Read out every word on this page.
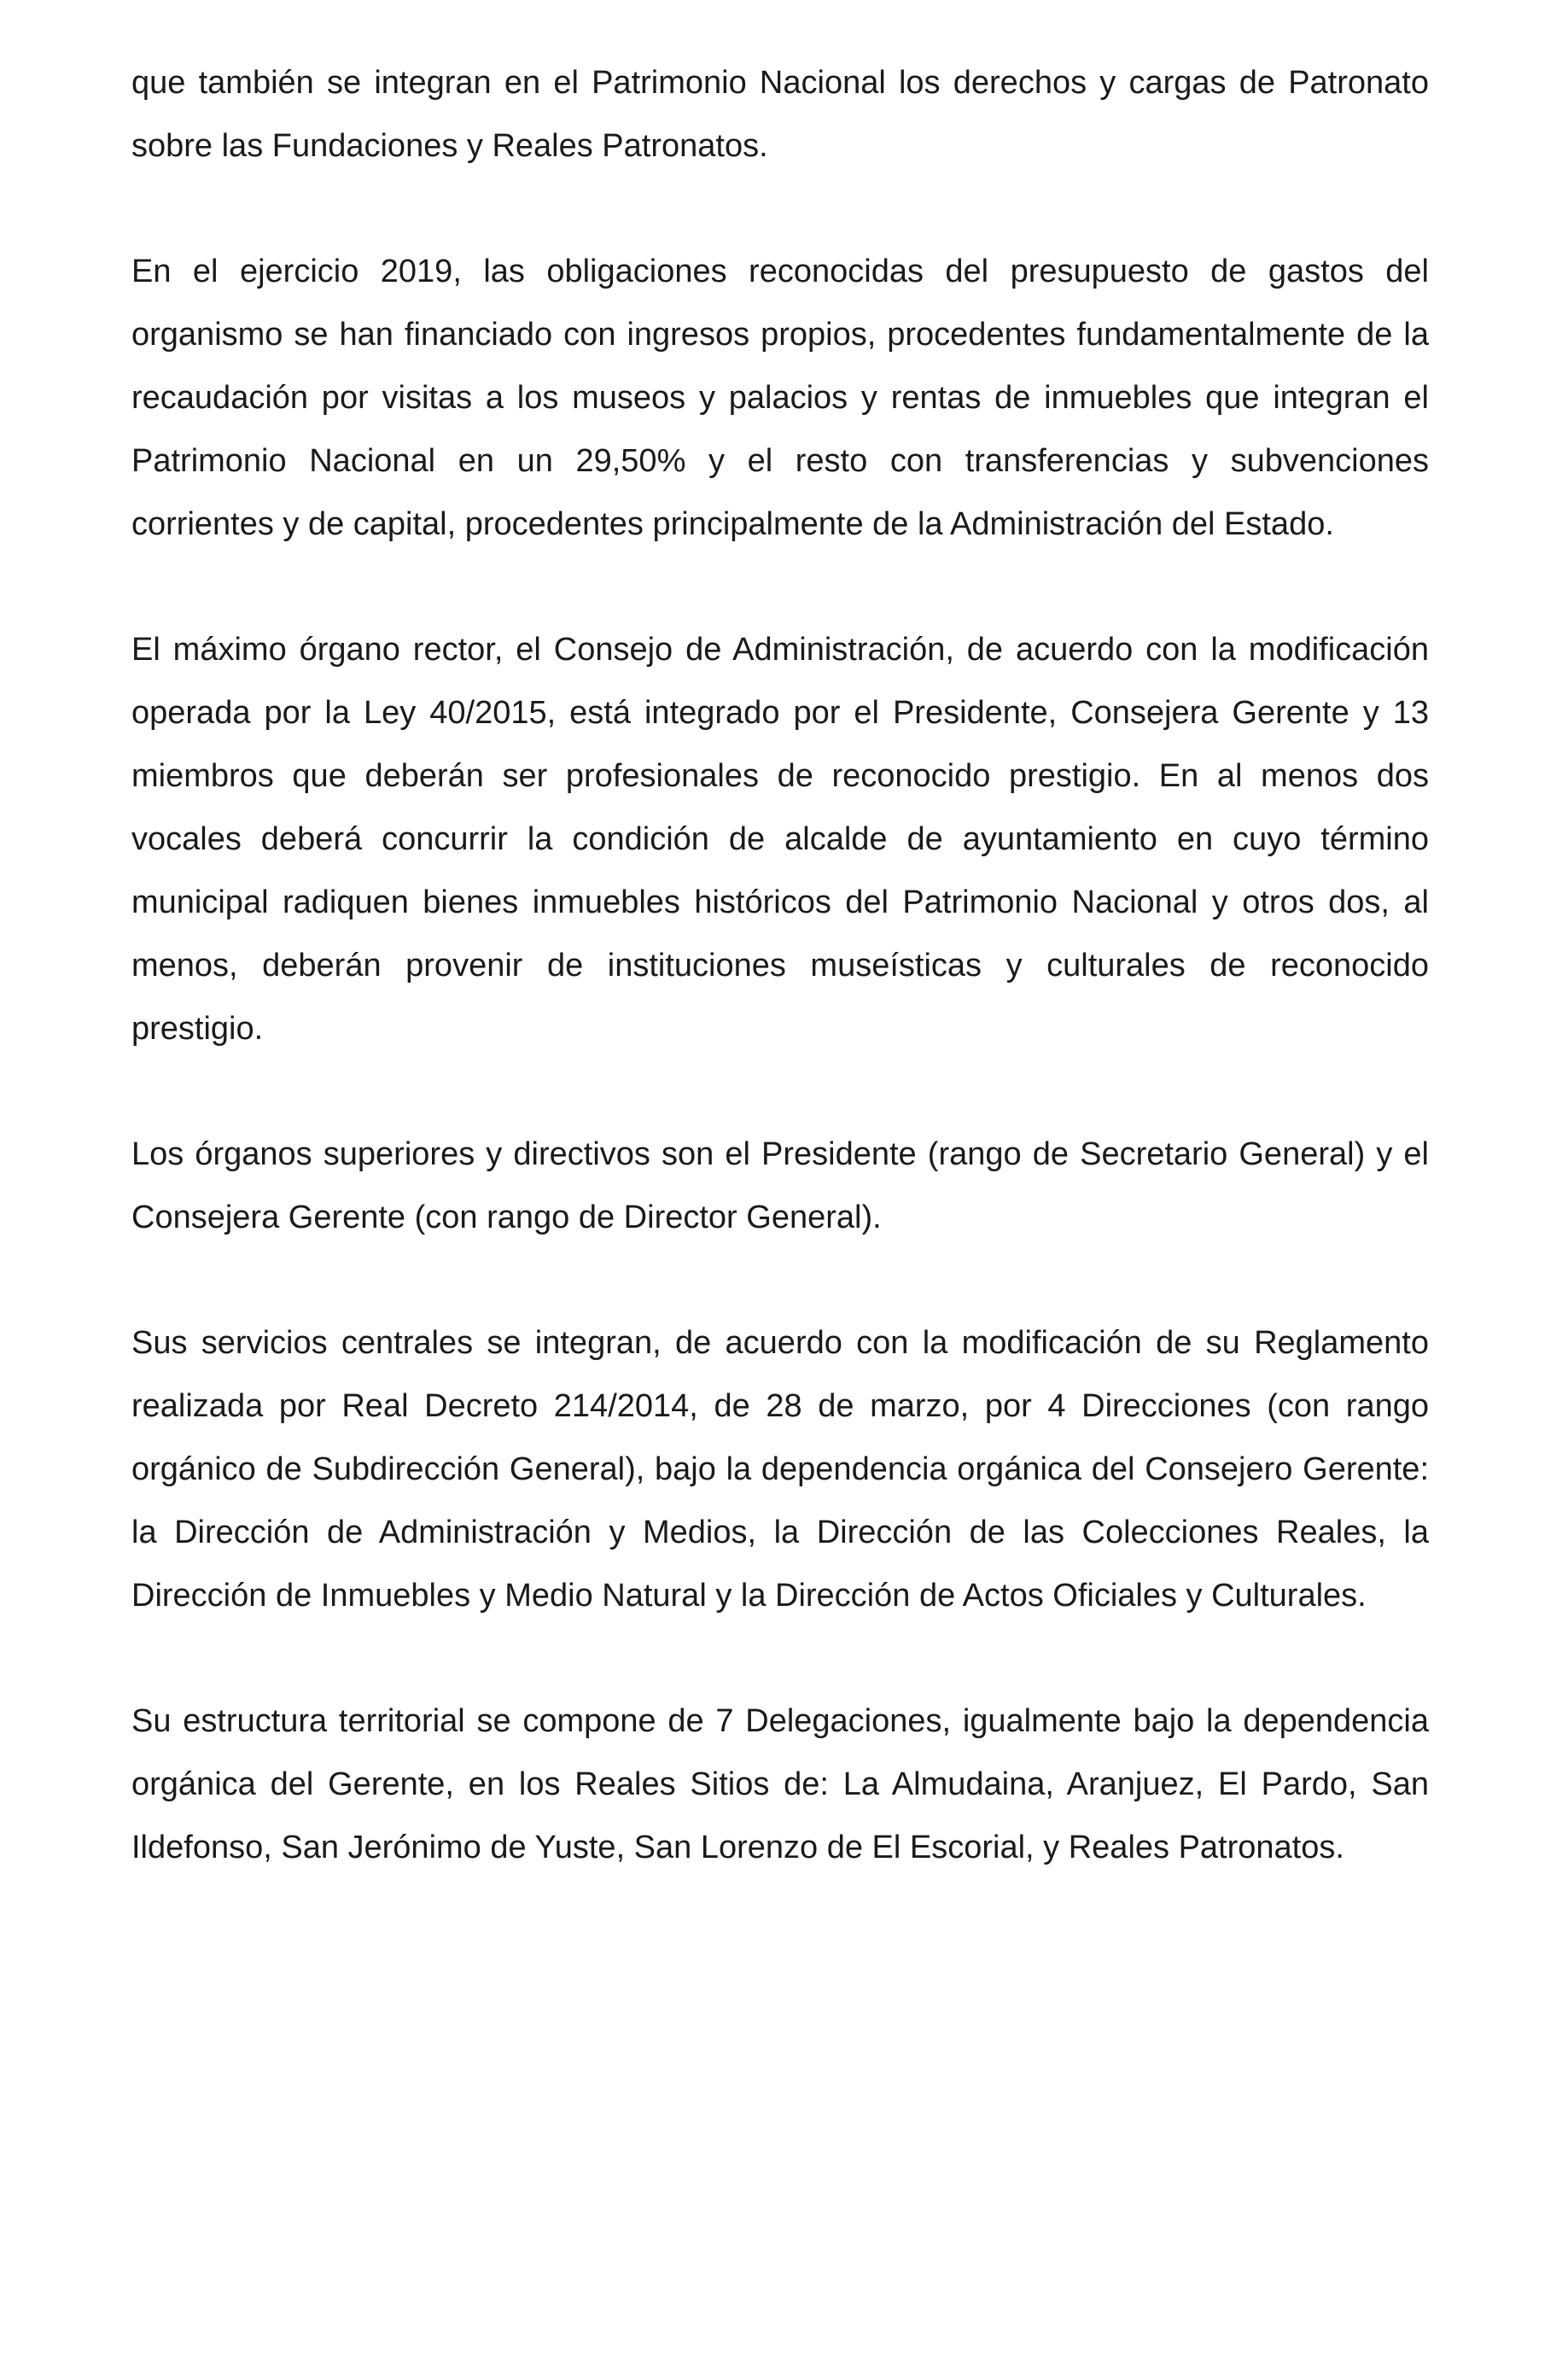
que también se integran en el Patrimonio Nacional los derechos y cargas de Patronato sobre las Fundaciones y Reales Patronatos.

En el ejercicio 2019, las obligaciones reconocidas del presupuesto de gastos del organismo se han financiado con ingresos propios, procedentes fundamentalmente de la recaudación por visitas a los museos y palacios y rentas de inmuebles que integran el Patrimonio Nacional en un 29,50% y el resto con transferencias y subvenciones corrientes y de capital, procedentes principalmente de la Administración del Estado.

El máximo órgano rector, el Consejo de Administración, de acuerdo con la modificación operada por la Ley 40/2015, está integrado por el Presidente, Consejera Gerente y 13 miembros que deberán ser profesionales de reconocido prestigio. En al menos dos vocales deberá concurrir la condición de alcalde de ayuntamiento en cuyo término municipal radiquen bienes inmuebles históricos del Patrimonio Nacional y otros dos, al menos, deberán provenir de instituciones museísticas y culturales de reconocido prestigio.

Los órganos superiores y directivos son el Presidente (rango de Secretario General) y el Consejera Gerente (con rango de Director General).

Sus servicios centrales se integran, de acuerdo con la modificación de su Reglamento realizada por Real Decreto 214/2014, de 28 de marzo, por 4 Direcciones (con rango orgánico de Subdirección General), bajo la dependencia orgánica del Consejero Gerente: la Dirección de Administración y Medios, la Dirección de las Colecciones Reales, la Dirección de Inmuebles y Medio Natural y la Dirección de Actos Oficiales y Culturales.

Su estructura territorial se compone de 7 Delegaciones, igualmente bajo la dependencia orgánica del Gerente, en los Reales Sitios de: La Almudaina, Aranjuez, El Pardo, San Ildefonso, San Jerónimo de Yuste, San Lorenzo de El Escorial, y Reales Patronatos.
